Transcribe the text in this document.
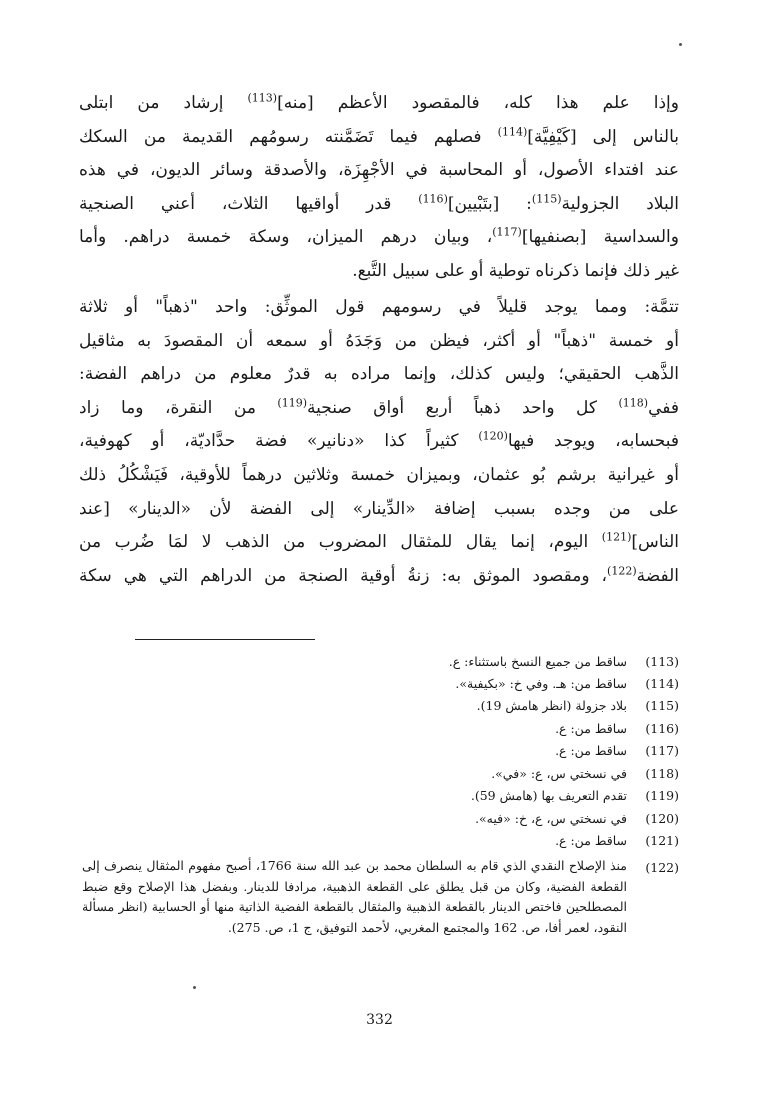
وإذا علم هذا كله، فالمقصود الأعظم [منه]$^{(113)}$ إرشاد من ابتلى
بالناس إلى [كَيْفِيَّة]$^{(114)}$ فصلهم فيما تَضَمَّنته رسومُهم القديمة من السكك
عند افتداء الأصول، أو المحاسبة في الأجْهِزَة، والأصدقة وسائر الديون، في هذه
البلاد الجزولية$^{(115)}$: [بتَبْيين]$^{(116)}$ قدر أواقيها الثلاث، أعني الصنجية
والسداسية [بصنفيها]$^{(117)}$، وبيان درهم الميزان، وسكة خمسة دراهم. وأما
غير ذلك فإنما ذكرناه توطية أو على سبيل التَّبع.
تتمَّة: ومما يوجد قليلاً في رسومهم قول الموثِّق: واحد "ذهباً" أو ثلاثة
أو خمسة "ذهباً" أو أكثر، فيظن من وَجَدَهُ أو سمعه أن المقصودَ به مثاقيل
الذَّهب الحقيقي؛ وليس كذلك، وإنما مراده به قدرٌ معلوم من دراهم الفضة:
ففي$^{(118)}$ كل واحد ذهباً أربع أواق صنجية$^{(119)}$ من النقرة، وما زاد
فبحسابه، ويوجد فيها$^{(120)}$ كثيراً كذا «دنانير» فضة حدَّاديّة، أو كهوفية،
أو غيرانية برشم بُو عثمان، وبميزان خمسة وثلاثين درهماً للأوقية، فَيَشْكُلُ ذلك
على من وجده بسبب إضافة «الدِّينار» إلى الفضة لأن «الدينار» [عند
الناس]$^{(121)}$ اليوم، إنما يقال للمثقال المضروب من الذهب لا لمَا ضُرب من
الفضة$^{(122)}$، ومقصود الموثق به: زنةُ أوقية الصنجة من الدراهم التي هي سكة
(113)
ساقط من جميع النسخ باستثناء: ع.
(114)
ساقط من: هـ. وفي خ: «بكيفية».
(115)
بلاد جزولة (انظر هامش 19).
(116)
ساقط من: ع.
(117)
ساقط من: ع.
(118)
في نسختي س، ع: «في».
(119)
تقدم التعريف بها (هامش 59).
(120)
في نسختي س، ع، خ: «فيه».
(121)
ساقط من: ع.
(122)
منذ الإصلاح النقدي الذي قام به السلطان محمد بن عبد الله سنة 1766، أصبح مفهوم المثقال ينصرف إلى القطعة الفضية، وكان من قبل يطلق على القطعة الذهبية، مرادفا للدينار. وبفضل هذا الإصلاح وقع ضبط المصطلحين فاختص الدينار بالقطعة الذهبية والمثقال بالقطعة الفضية الذاتية منها أو الحسابية (انظر مسألة النقود، لعمر أفا، ص. 162 والمجتمع المغربي، لأحمد التوفيق، ج 1، ص. 275).
332
